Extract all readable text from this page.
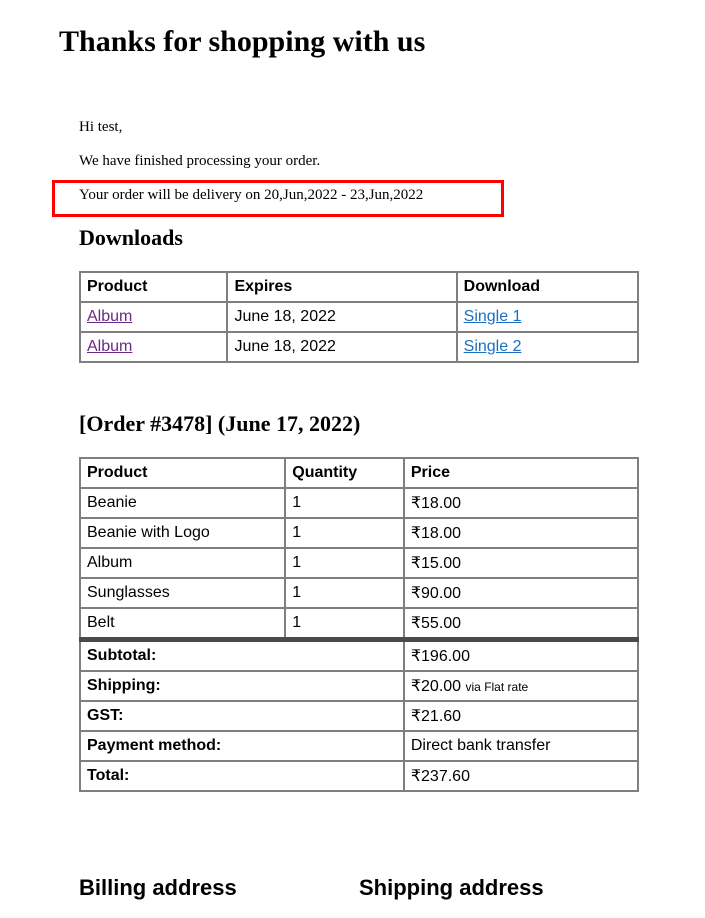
Thanks for shopping with us

Hi test,

We have finished processing your order.

Your order will be delivery on 20,Jun,2022 - 23,Jun,2022

Downloads
Product	Expires	Download
Album	June 18, 2022	Single 1
Album	June 18, 2022	Single 2
[Order #3478] (June 17, 2022)
Product	Quantity	Price
Beanie	1	₹18.00
Beanie with Logo	1	₹18.00
Album	1	₹15.00
Sunglasses	1	₹90.00
Belt	1	₹55.00
Subtotal:		₹196.00
Shipping:		₹20.00 via Flat rate
GST:		₹21.60
Payment method:		Direct bank transfer
Total:		₹237.60
Billing address	Shipping address
